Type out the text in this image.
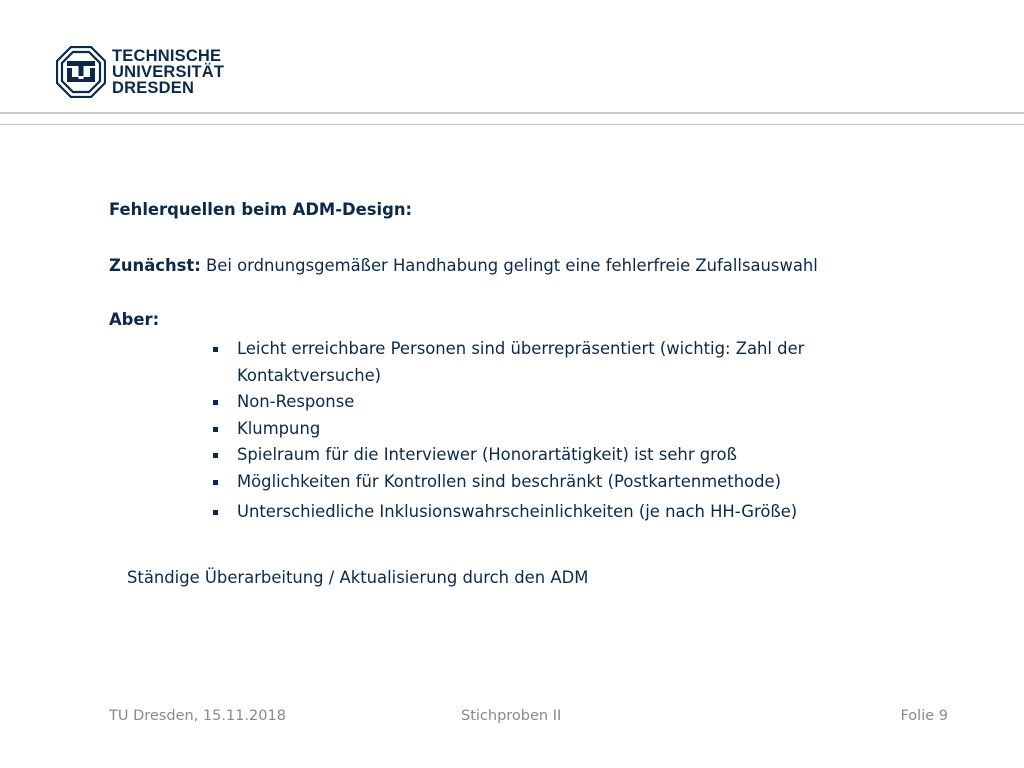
TECHNISCHE
UNIVERSITÄT
DRESDEN
Fehlerquellen beim ADM-Design:
Zunächst: Bei ordnungsgemäßer Handhabung gelingt eine fehlerfreie Zufallsauswahl
Aber:
Leicht erreichbare Personen sind überrepräsentiert (wichtig: Zahl der Kontaktversuche)
Non-Response
Klumpung
Spielraum für die Interviewer (Honorartätigkeit) ist sehr groß
Möglichkeiten für Kontrollen sind beschränkt (Postkartenmethode)
Unterschiedliche Inklusionswahrscheinlichkeiten (je nach HH-Größe)
Ständige Überarbeitung / Aktualisierung durch den ADM
TU Dresden, 15.11.2018	Stichproben II	Folie 9
